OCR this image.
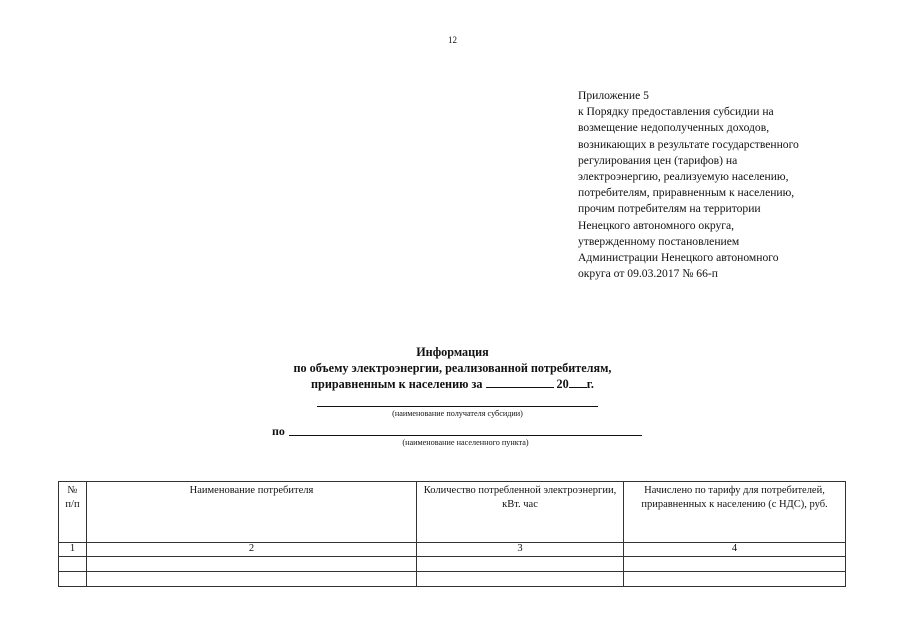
12
Приложение 5
к Порядку предоставления субсидии на
возмещение недополученных доходов,
возникающих в результате государственного
регулирования цен (тарифов) на
электроэнергию, реализуемую населению,
потребителям, приравненным к населению,
прочим потребителям на территории
Ненецкого автономного округа,
утвержденному постановлением
Администрации Ненецкого автономного
округа от 09.03.2017 № 66-п
Информация
по объему электроэнергии, реализованной потребителям,
приравненным к населению за	20 г.
(наименование получателя субсидии)
по
(наименование населенного пункта)
№ п/п	Наименование потребителя	Количество потребленной электроэнергии, кВт. час	Начислено по тарифу для потребителей, приравненных к населению (с НДС), руб.
1	2	3	4
